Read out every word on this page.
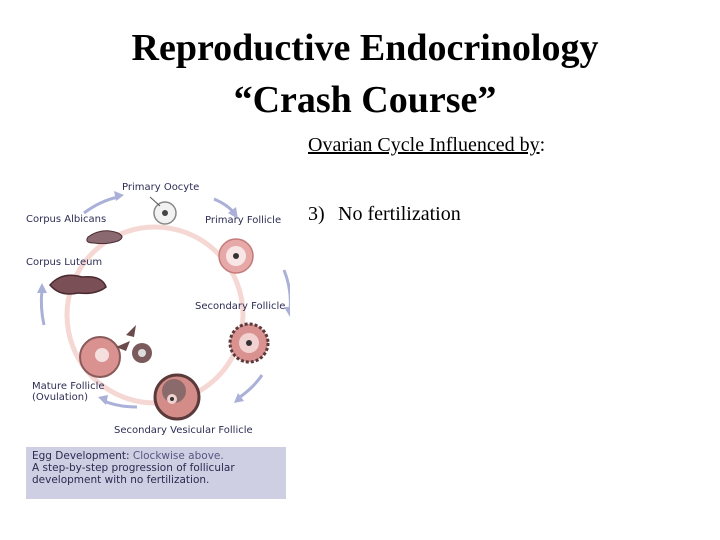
Reproductive Endocrinology
“Crash Course”
Ovarian Cycle Influenced by:
3) No fertilization
Primary Oocyte
Primary Follicle
Corpus Albicans
Corpus Luteum
Secondary Follicle
Mature Follicle
(Ovulation)
Secondary Vesicular Follicle
Egg Development: Clockwise above.
A step-by-step progression of follicular
development with no fertilization.
